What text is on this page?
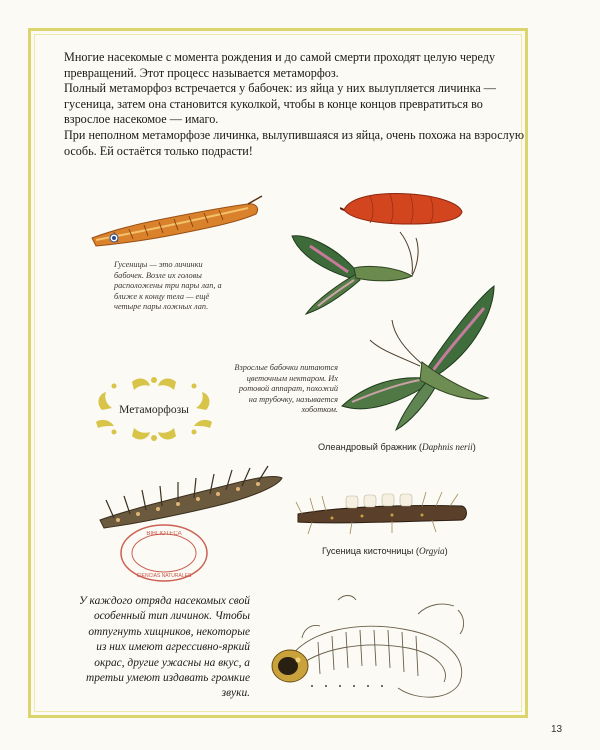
Многие насекомые с момента рождения и до самой смерти проходят целую череду превращений. Этот процесс называется метаморфоз.

Полный метаморфоз встречается у бабочек: из яйца у них вылупляется личинка — гусеница, затем она становится куколкой, чтобы в конце концов превратиться во взрослое насекомое — имаго.

При неполном метаморфозе личинка, вылупившаяся из яйца, очень похожа на взрослую особь. Ей остаётся только подрасти!

Гусеницы — это личинки бабочек. Возле их головы расположены три пары лап, а ближе к концу тела — ещё четыре пары ложных лап.

Взрослые бабочки питаются цветочным нектаром. Их ротовой аппарат, похожий на трубочку, называется хоботком.

Олеандровый бражник (Daphnis nerii)

Метаморфозы
BIBLIOTECA
CIENCIAS NATURALES

Гусеница кисточницы (Orgyia)

У каждого отряда насекомых свой особенный тип личинок. Чтобы отпугнуть хищников, некоторые из них имеют агрессивно-яркий окрас, другие ужасны на вкус, а третьи умеют издавать громкие звуки.

13
